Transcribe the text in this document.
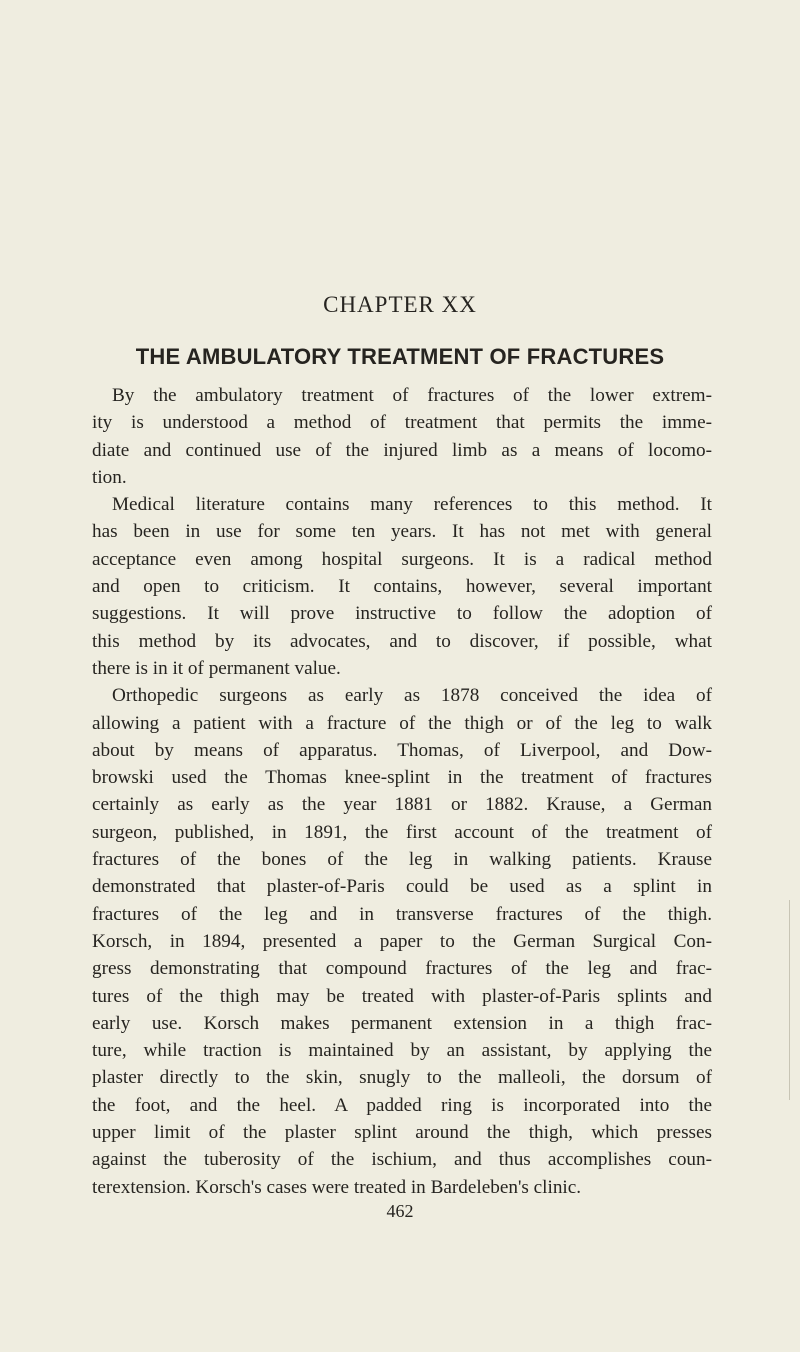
CHAPTER XX
THE AMBULATORY TREATMENT OF FRACTURES
By the ambulatory treatment of fractures of the lower extrem-
ity is understood a method of treatment that permits the imme-
diate and continued use of the injured limb as a means of locomo-
tion.
Medical literature contains many references to this method. It
has been in use for some ten years. It has not met with general
acceptance even among hospital surgeons. It is a radical method
and open to criticism. It contains, however, several important
suggestions. It will prove instructive to follow the adoption of
this method by its advocates, and to discover, if possible, what
there is in it of permanent value.
Orthopedic surgeons as early as 1878 conceived the idea of
allowing a patient with a fracture of the thigh or of the leg to walk
about by means of apparatus. Thomas, of Liverpool, and Dow-
browski used the Thomas knee-splint in the treatment of fractures
certainly as early as the year 1881 or 1882. Krause, a German
surgeon, published, in 1891, the first account of the treatment of
fractures of the bones of the leg in walking patients. Krause
demonstrated that plaster-of-Paris could be used as a splint in
fractures of the leg and in transverse fractures of the thigh.
Korsch, in 1894, presented a paper to the German Surgical Con-
gress demonstrating that compound fractures of the leg and frac-
tures of the thigh may be treated with plaster-of-Paris splints and
early use. Korsch makes permanent extension in a thigh frac-
ture, while traction is maintained by an assistant, by applying the
plaster directly to the skin, snugly to the malleoli, the dorsum of
the foot, and the heel. A padded ring is incorporated into the
upper limit of the plaster splint around the thigh, which presses
against the tuberosity of the ischium, and thus accomplishes coun-
terextension. Korsch's cases were treated in Bardeleben's clinic.
462
